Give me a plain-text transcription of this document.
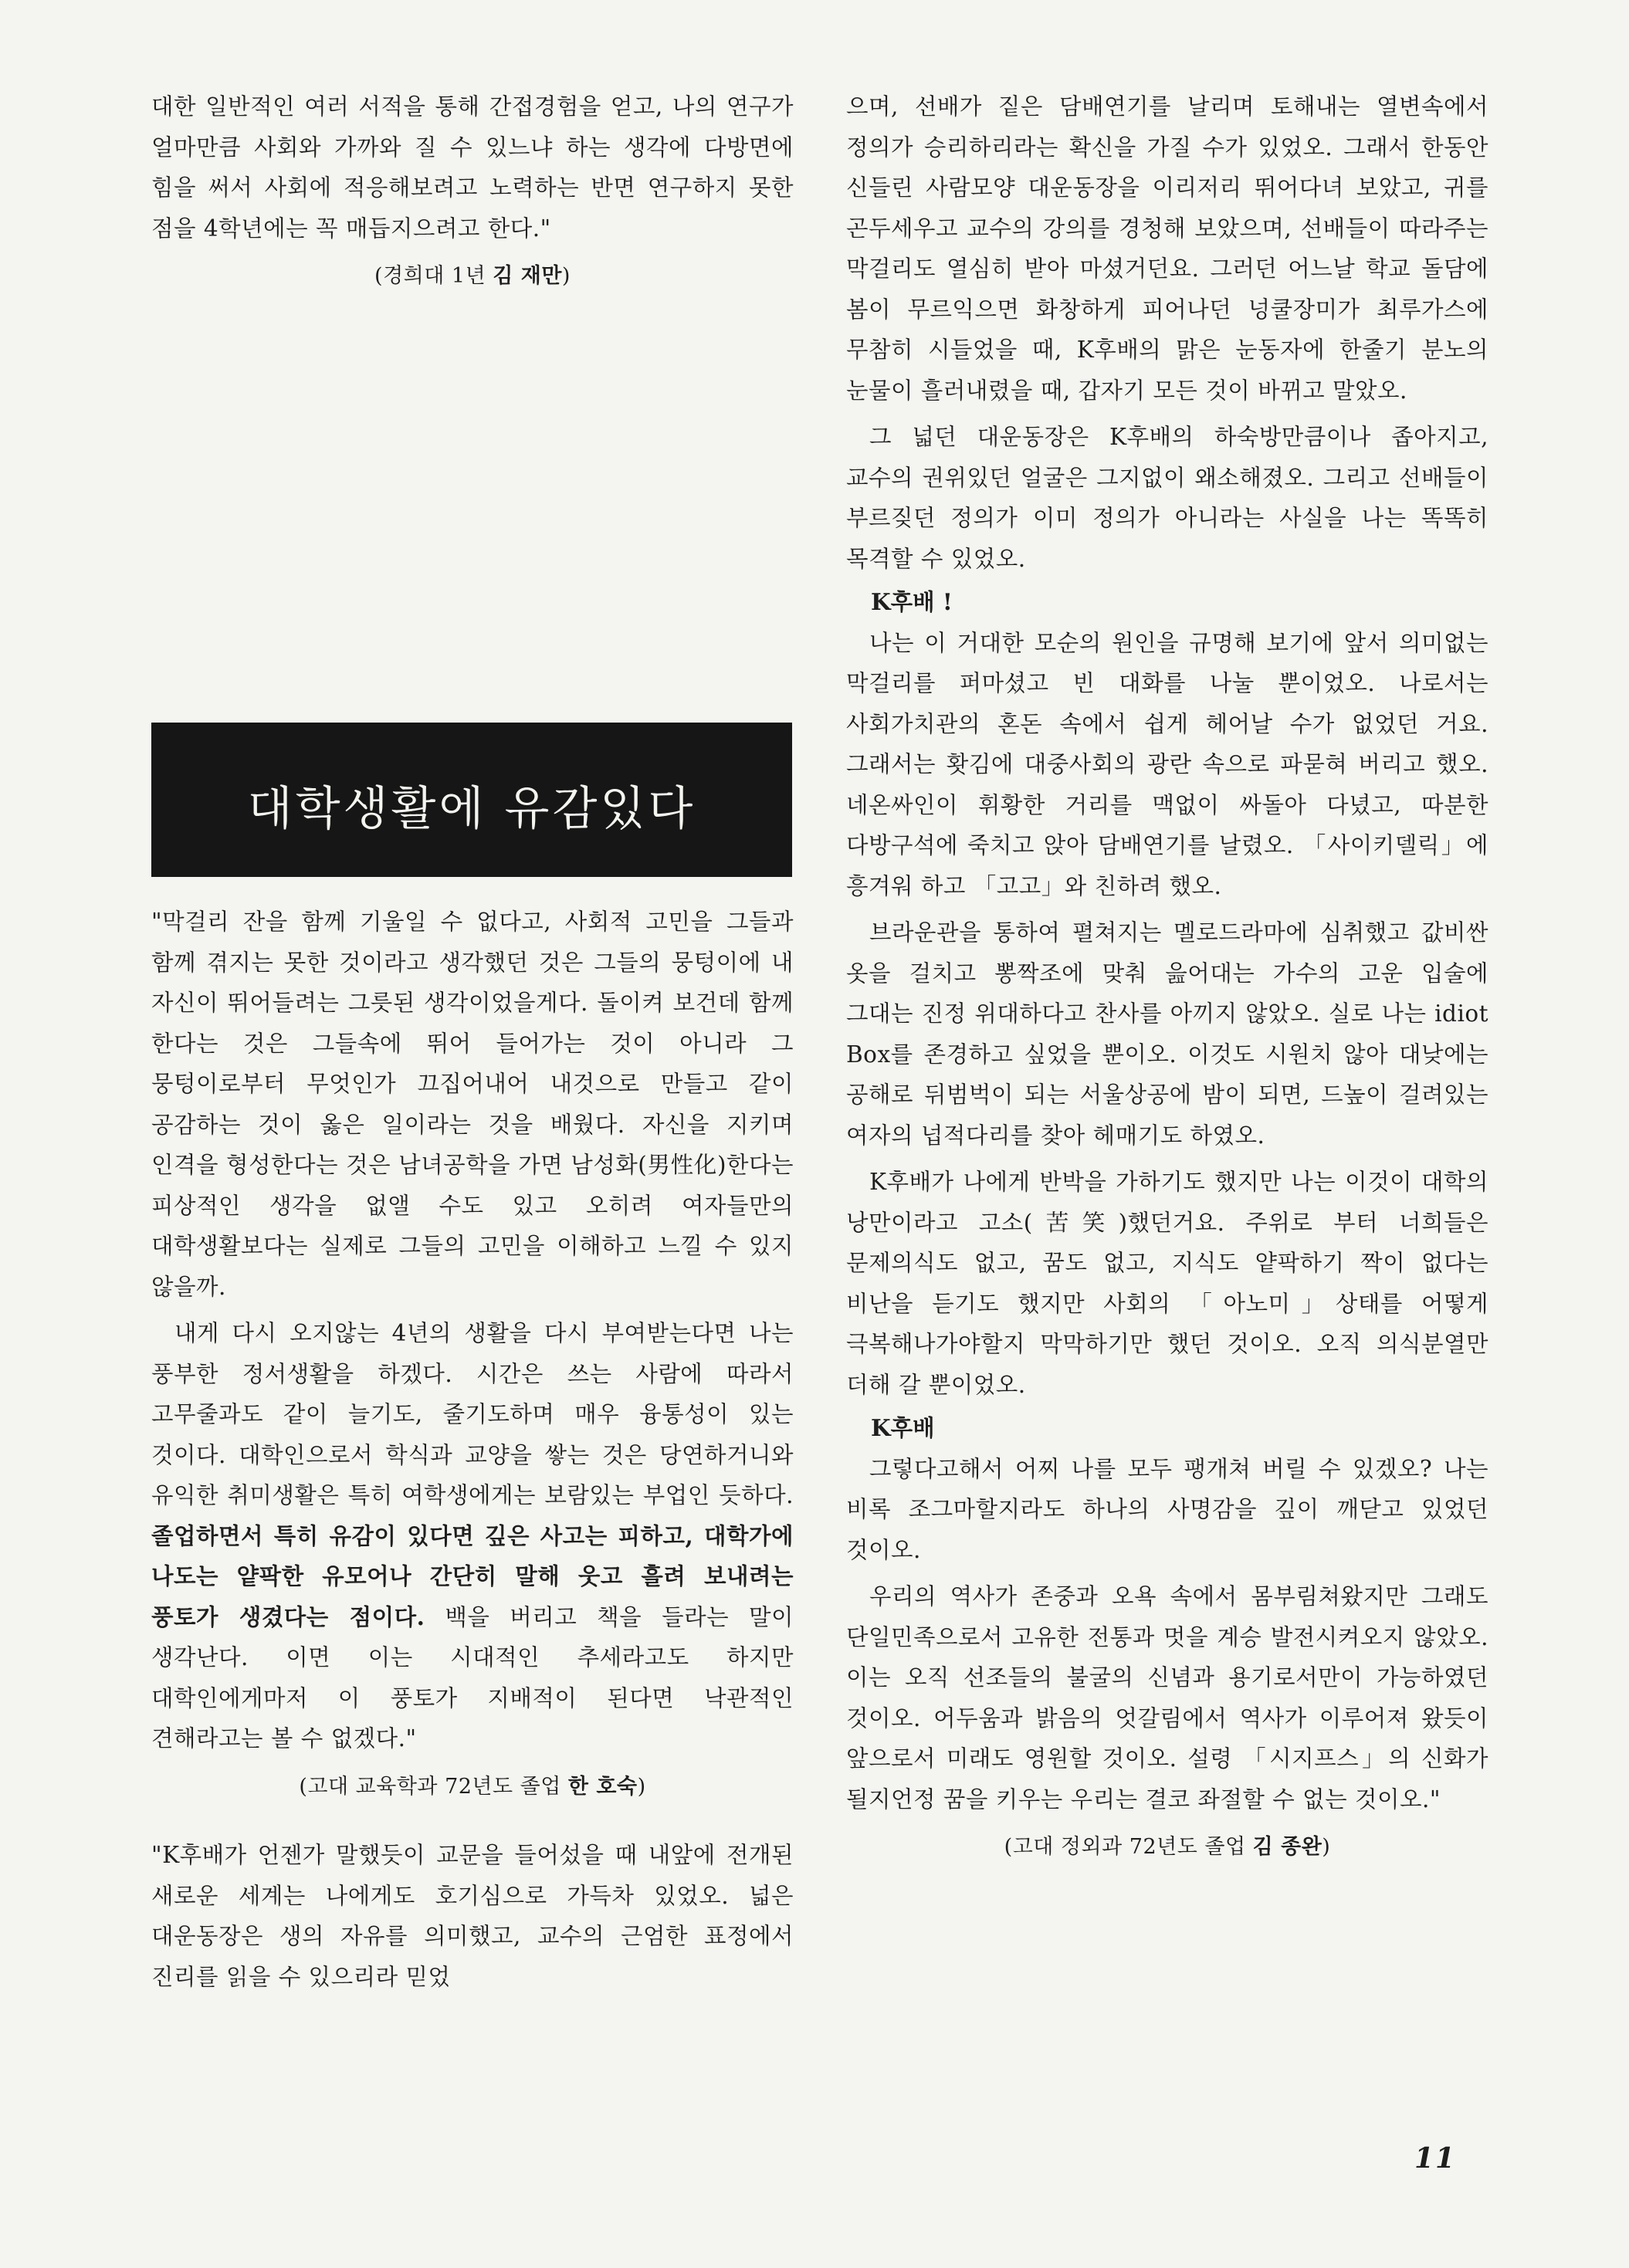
대한 일반적인 여러 서적을 통해 간접경험을 얻고, 나의 연구가 얼마만큼 사회와 가까와 질 수 있느냐 하는 생각에 다방면에 힘을 써서 사회에 적응해보려고 노력하는 반면 연구하지 못한 점을 4학년에는 꼭 매듭지으려고 한다."

(경희대 1년 김 재만)

대학생활에 유감있다

"막걸리 잔을 함께 기울일 수 없다고, 사회적 고민을 그들과 함께 겪지는 못한 것이라고 생각했던 것은 그들의 뭉텅이에 내 자신이 뛰어들려는 그릇된 생각이었을게다. 돌이켜 보건데 함께 한다는 것은 그들속에 뛰어 들어가는 것이 아니라 그 뭉텅이로부터 무엇인가 끄집어내어 내것으로 만들고 같이 공감하는 것이 옳은 일이라는 것을 배웠다. 자신을 지키며 인격을 형성한다는 것은 남녀공학을 가면 남성화(男性化)한다는 피상적인 생각을 없앨 수도 있고 오히려 여자들만의 대학생활보다는 실제로 그들의 고민을 이해하고 느낄 수 있지 않을까.

내게 다시 오지않는 4년의 생활을 다시 부여받는다면 나는 풍부한 정서생활을 하겠다. 시간은 쓰는 사람에 따라서 고무줄과도 같이 늘기도, 줄기도하며 매우 융통성이 있는 것이다. 대학인으로서 학식과 교양을 쌓는 것은 당연하거니와 유익한 취미생활은 특히 여학생에게는 보람있는 부업인 듯하다. 졸업하면서 특히 유감이 있다면 깊은 사고는 피하고, 대학가에 나도는 얕팍한 유모어나 간단히 말해 웃고 흘려 보내려는 풍토가 생겼다는 점이다. 백을 버리고 책을 들라는 말이 생각난다. 이면 이는 시대적인 추세라고도 하지만 대학인에게마저 이 풍토가 지배적이 된다면 낙관적인 견해라고는 볼 수 없겠다."

(고대 교육학과 72년도 졸업 한 호숙)

"K후배가 언젠가 말했듯이 교문을 들어섰을 때 내앞에 전개된 새로운 세계는 나에게도 호기심으로 가득차 있었오. 넓은 대운동장은 생의 자유를 의미했고, 교수의 근엄한 표정에서 진리를 읽을 수 있으리라 믿었

으며, 선배가 짙은 담배연기를 날리며 토해내는 열변속에서 정의가 승리하리라는 확신을 가질 수가 있었오. 그래서 한동안 신들린 사람모양 대운동장을 이리저리 뛰어다녀 보았고, 귀를 곤두세우고 교수의 강의를 경청해 보았으며, 선배들이 따라주는 막걸리도 열심히 받아 마셨거던요. 그러던 어느날 학교 돌담에 봄이 무르익으면 화창하게 피어나던 넝쿨장미가 최루가스에 무참히 시들었을 때, K후배의 맑은 눈동자에 한줄기 분노의 눈물이 흘러내렸을 때, 갑자기 모든 것이 바뀌고 말았오.

그 넓던 대운동장은 K후배의 하숙방만큼이나 좁아지고, 교수의 권위있던 얼굴은 그지없이 왜소해졌오. 그리고 선배들이 부르짖던 정의가 이미 정의가 아니라는 사실을 나는 똑똑히 목격할 수 있었오.

K후배 !

나는 이 거대한 모순의 원인을 규명해 보기에 앞서 의미없는 막걸리를 퍼마셨고 빈 대화를 나눌 뿐이었오. 나로서는 사회가치관의 혼돈 속에서 쉽게 헤어날 수가 없었던 거요. 그래서는 홧김에 대중사회의 광란 속으로 파묻혀 버리고 했오. 네온싸인이 휘황한 거리를 맥없이 싸돌아 다녔고, 따분한 다방구석에 죽치고 앉아 담배연기를 날렸오. 「사이키델릭」에 흥겨워 하고 「고고」와 친하려 했오.

브라운관을 통하여 펼쳐지는 멜로드라마에 심취했고 값비싼 옷을 걸치고 뽕짝조에 맞춰 읊어대는 가수의 고운 입술에 그대는 진정 위대하다고 찬사를 아끼지 않았오. 실로 나는 idiot Box를 존경하고 싶었을 뿐이오. 이것도 시원치 않아 대낮에는 공해로 뒤범벅이 되는 서울상공에 밤이 되면, 드높이 걸려있는 여자의 넙적다리를 찾아 헤매기도 하였오.

K후배가 나에게 반박을 가하기도 했지만 나는 이것이 대학의 낭만이라고 고소(苦笑)했던거요. 주위로 부터 너희들은 문제의식도 없고, 꿈도 없고, 지식도 얕팍하기 짝이 없다는 비난을 듣기도 했지만 사회의 「아노미」상태를 어떻게 극복해나가야할지 막막하기만 했던 것이오. 오직 의식분열만 더해 갈 뿐이었오.

K후배

그렇다고해서 어찌 나를 모두 팽개쳐 버릴 수 있겠오? 나는 비록 조그마할지라도 하나의 사명감을 깊이 깨닫고 있었던 것이오.

우리의 역사가 존중과 오욕 속에서 몸부림쳐왔지만 그래도 단일민족으로서 고유한 전통과 멋을 계승 발전시켜오지 않았오. 이는 오직 선조들의 불굴의 신념과 용기로서만이 가능하였던 것이오. 어두움과 밝음의 엇갈림에서 역사가 이루어져 왔듯이 앞으로서 미래도 영원할 것이오. 설령 「시지프스」의 신화가 될지언정 꿈을 키우는 우리는 결코 좌절할 수 없는 것이오."

(고대 정외과 72년도 졸업 김 종완)

11
